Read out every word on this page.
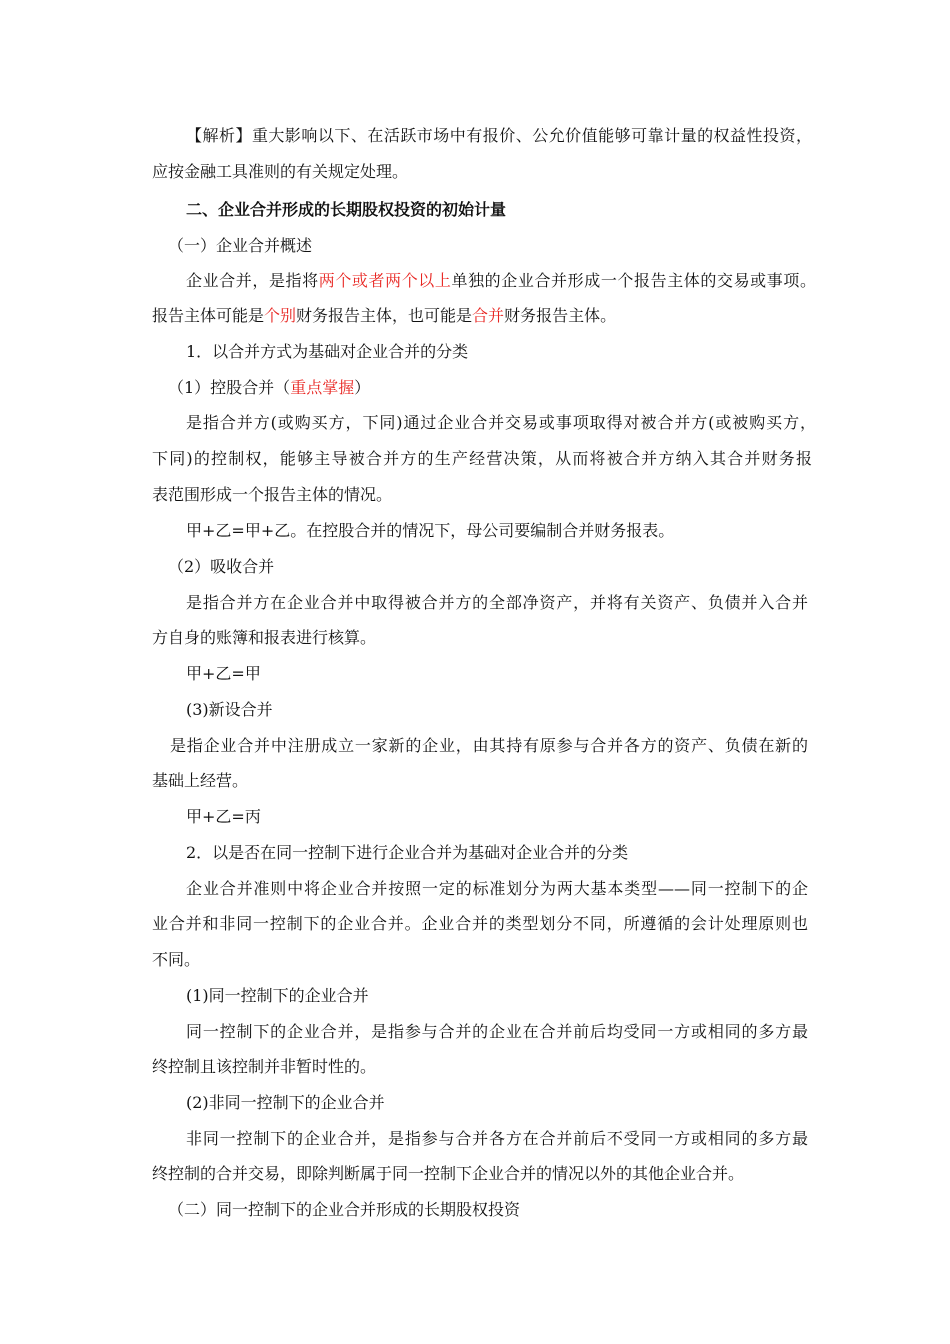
【解析】重大影响以下、在活跃市场中有报价、公允价值能够可靠计量的权益性投资，
应按金融工具准则的有关规定处理。
二、企业合并形成的长期股权投资的初始计量
（一）企业合并概述
企业合并，是指将两个或者两个以上单独的企业合并形成一个报告主体的交易或事项。
报告主体可能是个别财务报告主体，也可能是合并财务报告主体。
1．以合并方式为基础对企业合并的分类
（1）控股合并（重点掌握）
是指合并方(或购买方，下同)通过企业合并交易或事项取得对被合并方(或被购买方，
下同)的控制权，能够主导被合并方的生产经营决策，从而将被合并方纳入其合并财务报
表范围形成一个报告主体的情况。
甲+乙=甲+乙。在控股合并的情况下，母公司要编制合并财务报表。
（2）吸收合并
是指合并方在企业合并中取得被合并方的全部净资产，并将有关资产、负债并入合并
方自身的账簿和报表进行核算。
甲+乙=甲
(3)新设合并
是指企业合并中注册成立一家新的企业，由其持有原参与合并各方的资产、负债在新的
基础上经营。
甲+乙=丙
2．以是否在同一控制下进行企业合并为基础对企业合并的分类
企业合并准则中将企业合并按照一定的标准划分为两大基本类型——同一控制下的企
业合并和非同一控制下的企业合并。企业合并的类型划分不同，所遵循的会计处理原则也
不同。
(1)同一控制下的企业合并
同一控制下的企业合并，是指参与合并的企业在合并前后均受同一方或相同的多方最
终控制且该控制并非暂时性的。
(2)非同一控制下的企业合并
非同一控制下的企业合并，是指参与合并各方在合并前后不受同一方或相同的多方最
终控制的合并交易，即除判断属于同一控制下企业合并的情况以外的其他企业合并。
（二）同一控制下的企业合并形成的长期股权投资
